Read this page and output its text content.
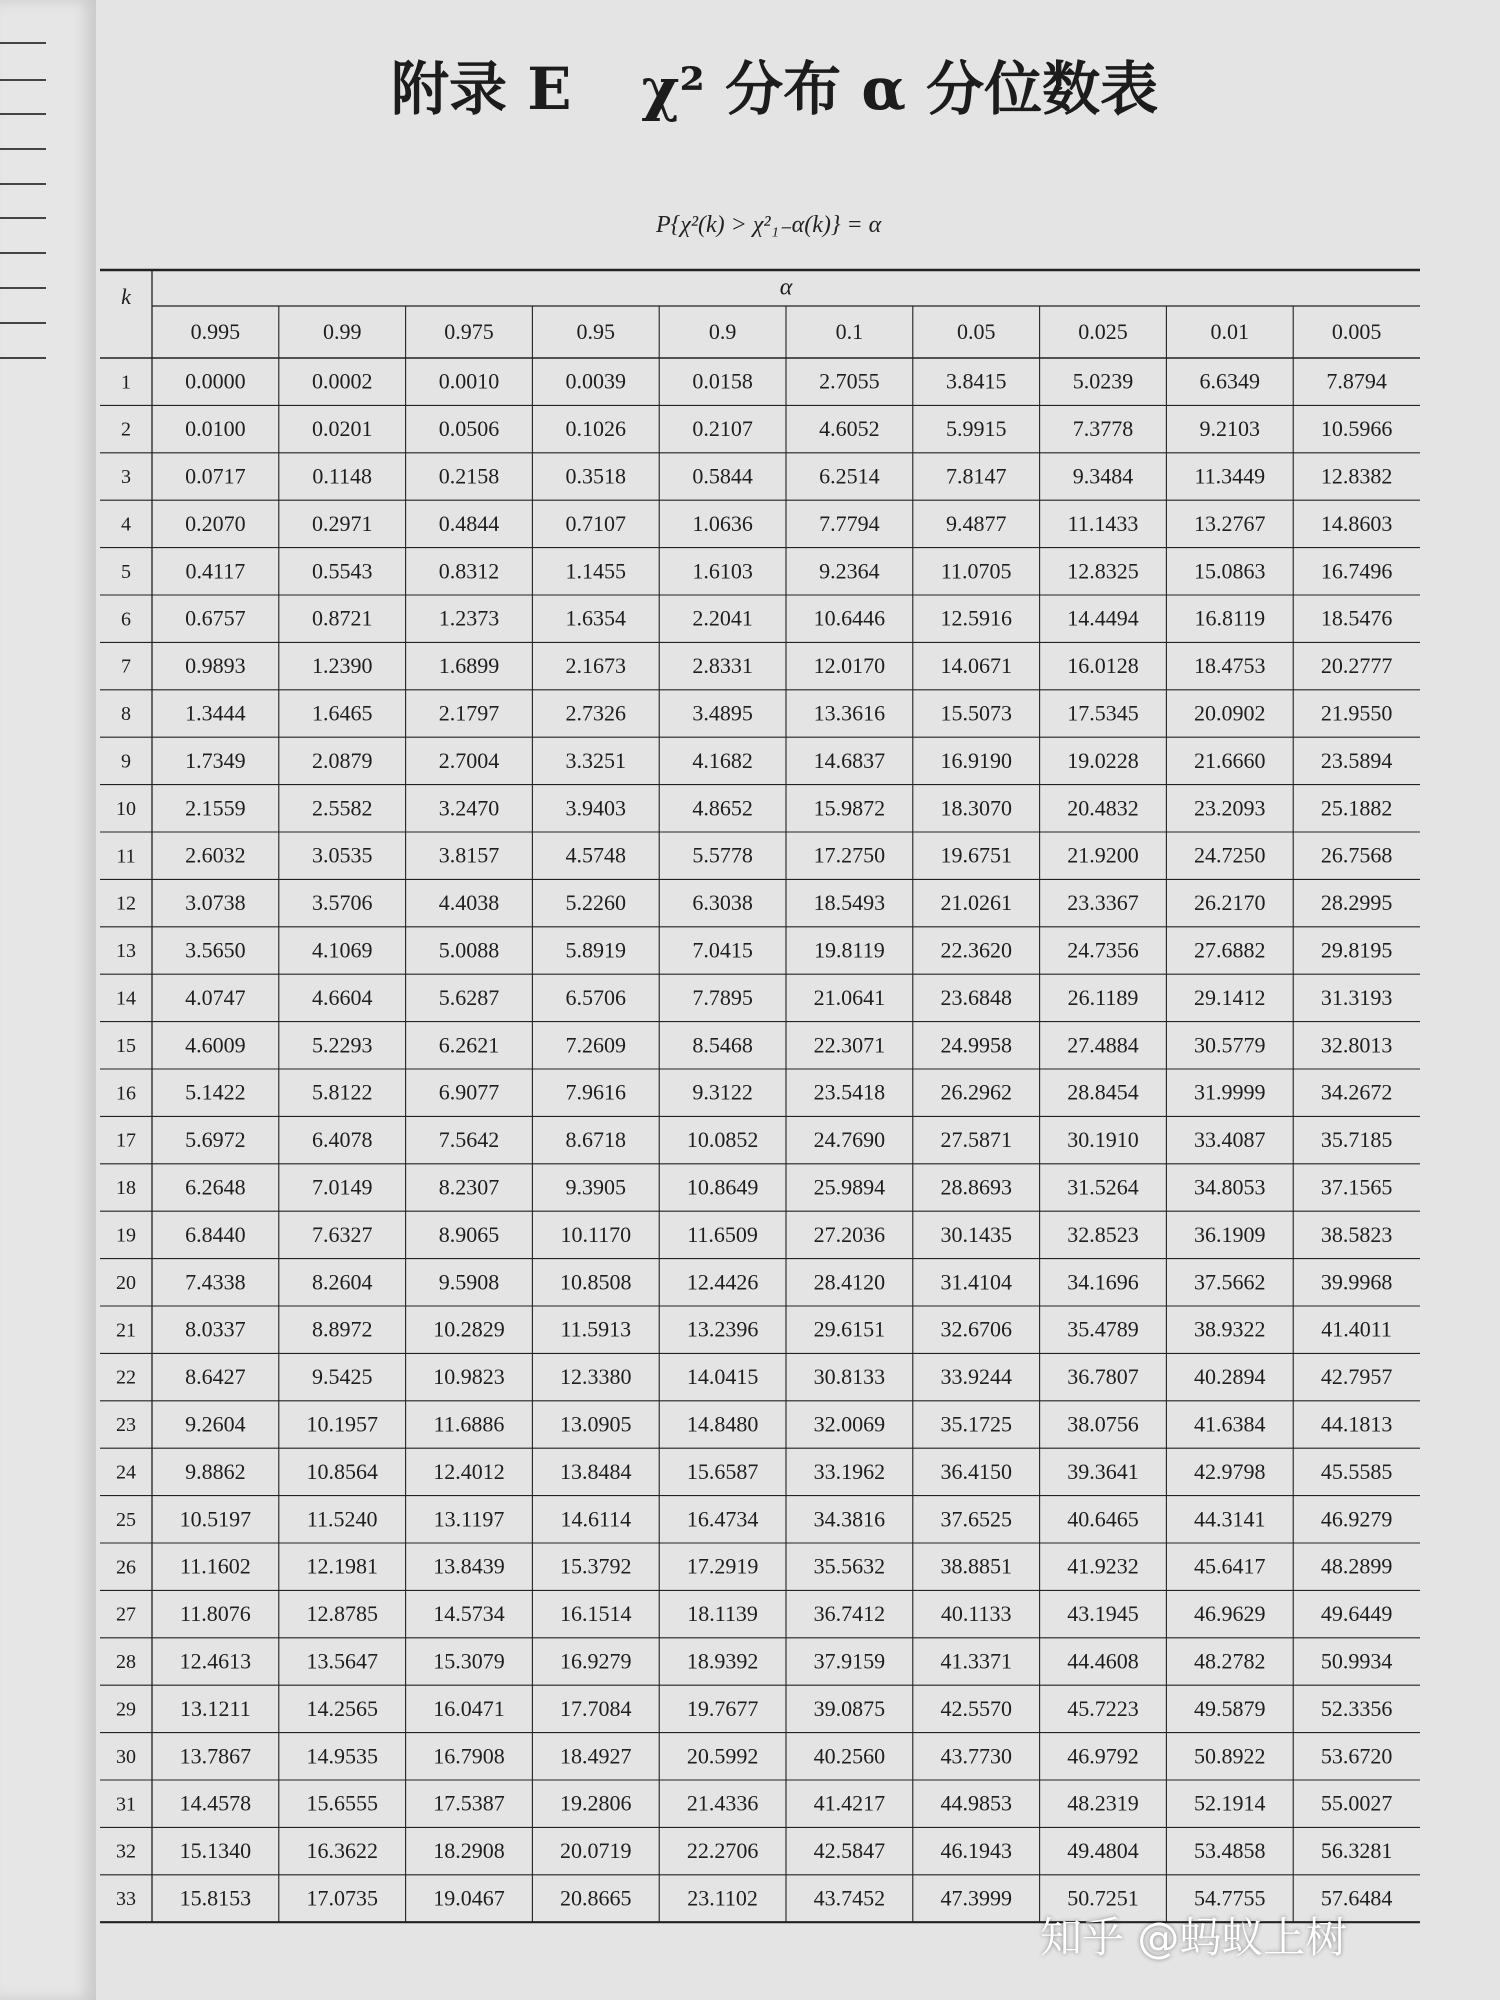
附录 E χ² 分布 α 分位数表
P{χ²(k) > χ²₁₋α(k)} = α
k	α
0.995	0.99	0.975	0.95	0.9	0.1	0.05	0.025	0.01	0.005
1 0.0000	0.0002	0.0010	0.0039	0.0158	2.7055	3.8415	5.0239	6.6349	7.8794
2 0.0100	0.0201	0.0506	0.1026	0.2107	4.6052	5.9915	7.3778	9.2103	10.5966
3 0.0717	0.1148	0.2158	0.3518	0.5844	6.2514	7.8147	9.3484	11.3449	12.8382
4 0.2070	0.2971	0.4844	0.7107	1.0636	7.7794	9.4877	11.1433	13.2767	14.8603
5 0.4117	0.5543	0.8312	1.1455	1.6103	9.2364	11.0705	12.8325	15.0863	16.7496
6 0.6757	0.8721	1.2373	1.6354	2.2041	10.6446	12.5916	14.4494	16.8119	18.5476
7 0.9893	1.2390	1.6899	2.1673	2.8331	12.0170	14.0671	16.0128	18.4753	20.2777
8 1.3444	1.6465	2.1797	2.7326	3.4895	13.3616	15.5073	17.5345	20.0902	21.9550
9 1.7349	2.0879	2.7004	3.3251	4.1682	14.6837	16.9190	19.0228	21.6660	23.5894
10 2.1559	2.5582	3.2470	3.9403	4.8652	15.9872	18.3070	20.4832	23.2093	25.1882
11 2.6032	3.0535	3.8157	4.5748	5.5778	17.2750	19.6751	21.9200	24.7250	26.7568
12 3.0738	3.5706	4.4038	5.2260	6.3038	18.5493	21.0261	23.3367	26.2170	28.2995
13 3.5650	4.1069	5.0088	5.8919	7.0415	19.8119	22.3620	24.7356	27.6882	29.8195
14 4.0747	4.6604	5.6287	6.5706	7.7895	21.0641	23.6848	26.1189	29.1412	31.3193
15 4.6009	5.2293	6.2621	7.2609	8.5468	22.3071	24.9958	27.4884	30.5779	32.8013
16 5.1422	5.8122	6.9077	7.9616	9.3122	23.5418	26.2962	28.8454	31.9999	34.2672
17 5.6972	6.4078	7.5642	8.6718	10.0852	24.7690	27.5871	30.1910	33.4087	35.7185
18 6.2648	7.0149	8.2307	9.3905	10.8649	25.9894	28.8693	31.5264	34.8053	37.1565
19 6.8440	7.6327	8.9065	10.1170	11.6509	27.2036	30.1435	32.8523	36.1909	38.5823
20 7.4338	8.2604	9.5908	10.8508	12.4426	28.4120	31.4104	34.1696	37.5662	39.9968
21 8.0337	8.8972	10.2829	11.5913	13.2396	29.6151	32.6706	35.4789	38.9322	41.4011
22 8.6427	9.5425	10.9823	12.3380	14.0415	30.8133	33.9244	36.7807	40.2894	42.7957
23 9.2604	10.1957	11.6886	13.0905	14.8480	32.0069	35.1725	38.0756	41.6384	44.1813
24 9.8862	10.8564	12.4012	13.8484	15.6587	33.1962	36.4150	39.3641	42.9798	45.5585
25 10.5197	11.5240	13.1197	14.6114	16.4734	34.3816	37.6525	40.6465	44.3141	46.9279
26 11.1602	12.1981	13.8439	15.3792	17.2919	35.5632	38.8851	41.9232	45.6417	48.2899
27 11.8076	12.8785	14.5734	16.1514	18.1139	36.7412	40.1133	43.1945	46.9629	49.6449
28 12.4613	13.5647	15.3079	16.9279	18.9392	37.9159	41.3371	44.4608	48.2782	50.9934
29 13.1211	14.2565	16.0471	17.7084	19.7677	39.0875	42.5570	45.7223	49.5879	52.3356
30 13.7867	14.9535	16.7908	18.4927	20.5992	40.2560	43.7730	46.9792	50.8922	53.6720
31 14.4578	15.6555	17.5387	19.2806	21.4336	41.4217	44.9853	48.2319	52.1914	55.0027
32 15.1340	16.3622	18.2908	20.0719	22.2706	42.5847	46.1943	49.4804	53.4858	56.3281
33 15.8153	17.0735	19.0467	20.8665	23.1102	43.7452	47.3999	50.7251	54.7755	57.6484
知乎 @蚂蚁上树
